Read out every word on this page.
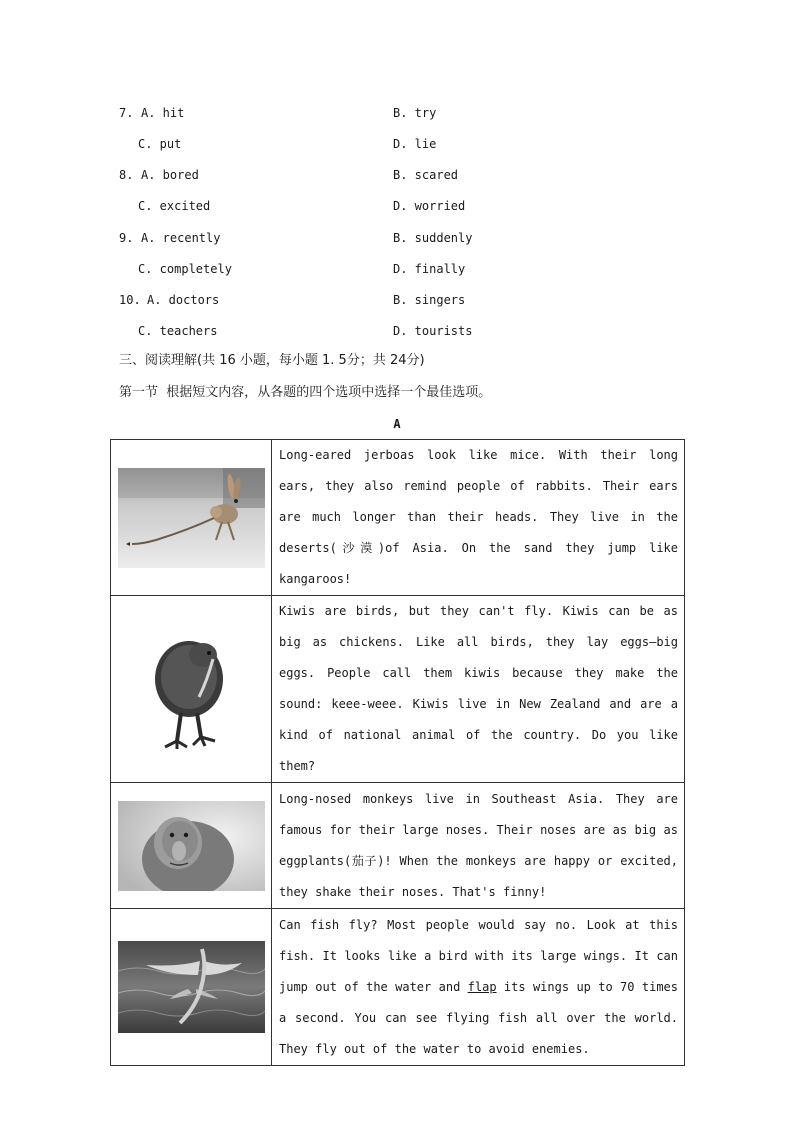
7. A. hit	B. try
C. put	D. lie
8. A. bored	B. scared
C. excited	D. worried
9. A. recently	B. suddenly
C. completely	D. finally
10. A. doctors	B. singers
C. teachers	D. tourists
三、阅读理解(共 16 小题，每小题 1. 5分；共 24分)
第一节  根据短文内容，从各题的四个选项中选择一个最佳选项。
A

Long-eared jerboas look like mice. With their long ears, they also remind people of rabbits. Their ears are much longer than their heads. They live in the deserts(沙漠)of Asia. On the sand they jump like kangaroos!

Kiwis are birds, but they can't fly. Kiwis can be as big as chickens. Like all birds, they lay eggs—big eggs. People call them kiwis because they make the sound: keee-weee. Kiwis live in New Zealand and are a kind of national animal of the country. Do you like them?

Long-nosed monkeys live in Southeast Asia. They are famous for their large noses. Their noses are as big as eggplants(茄子)! When the monkeys are happy or excited, they shake their noses. That's finny!

Can fish fly? Most people would say no. Look at this fish. It looks like a bird with its large wings. It can jump out of the water and flap its wings up to 70 times a second. You can see flying fish all over the world. They fly out of the water to avoid enemies.
